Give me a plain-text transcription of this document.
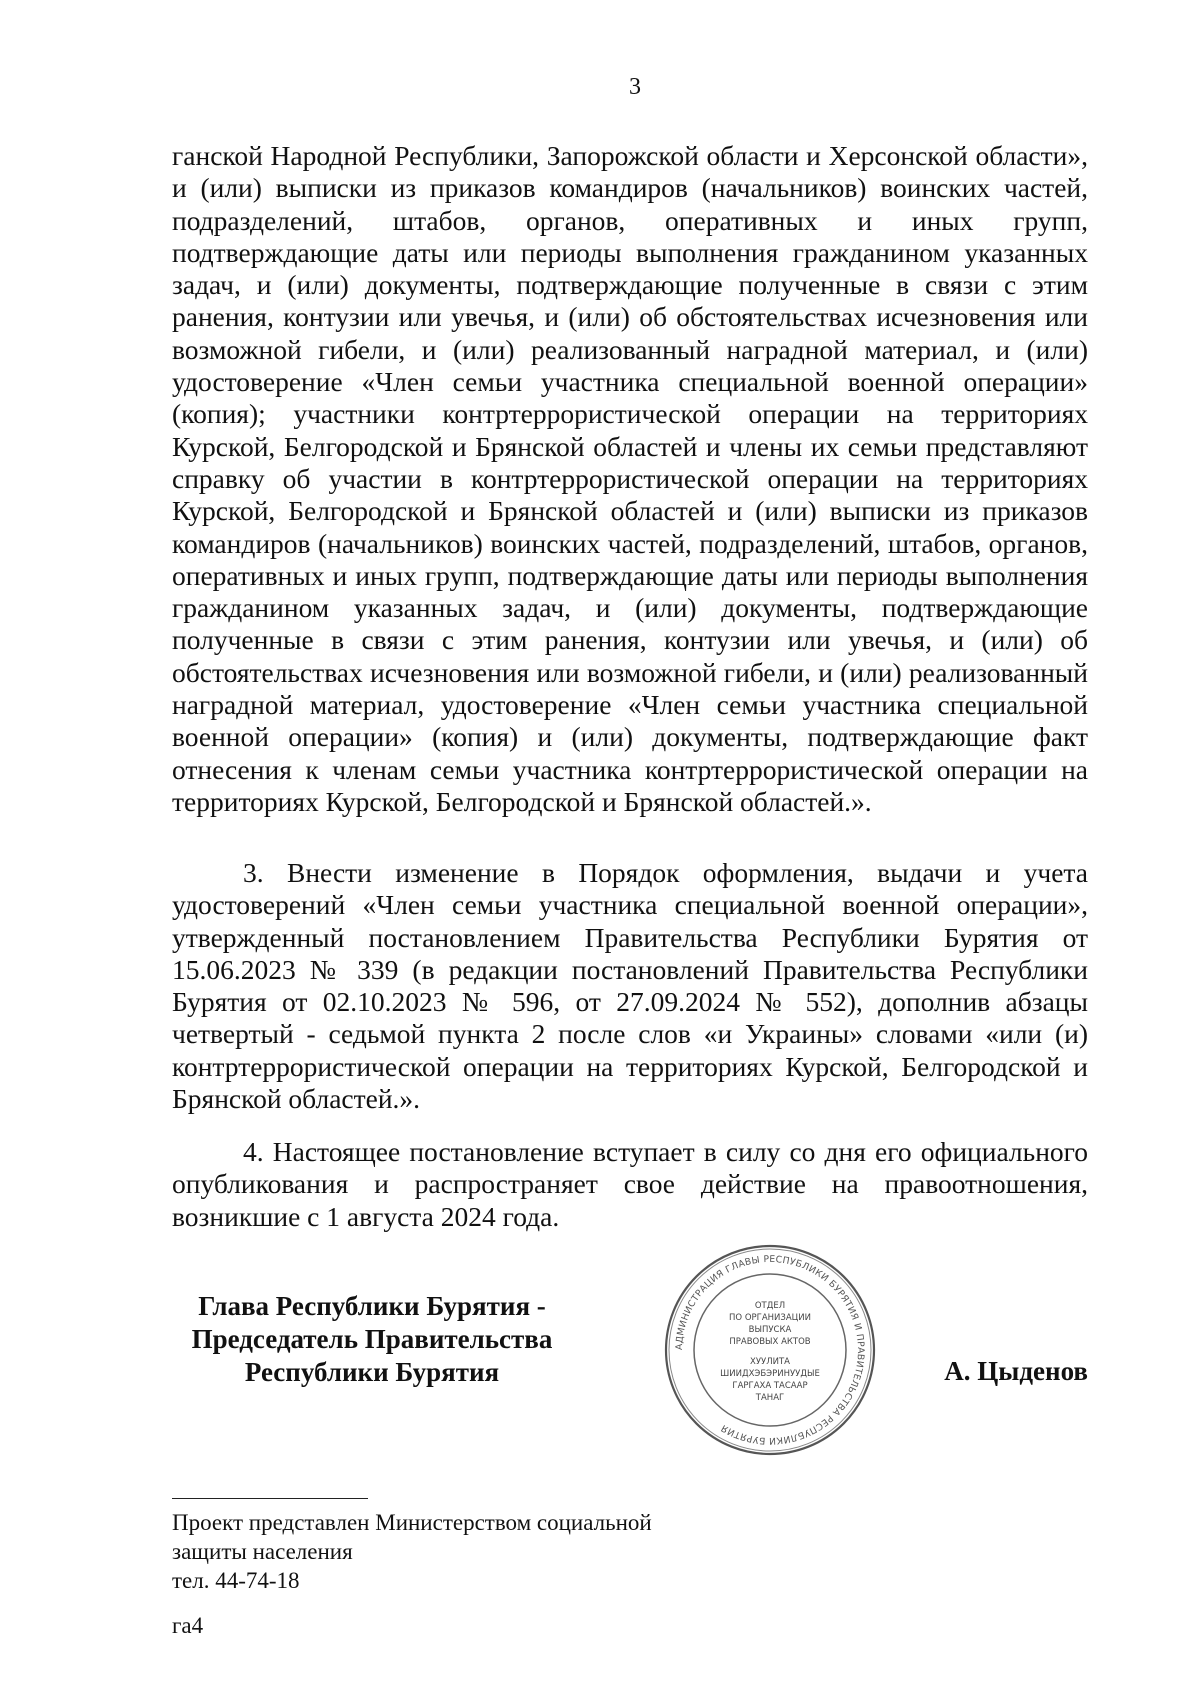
3

ганской Народной Республики, Запорожской области и Херсонской области», и (или) выписки из приказов командиров (начальников) воинских частей, подразделений, штабов, органов, оперативных и иных групп, подтверждающие даты или периоды выполнения гражданином указанных задач, и (или) документы, подтверждающие полученные в связи с этим ранения, контузии или увечья, и (или) об обстоятельствах исчезновения или возможной гибели, и (или) реализованный наградной материал, и (или) удостоверение «Член семьи участника специальной военной операции» (копия); участники контртеррористической операции на территориях Курской, Белгородской и Брянской областей и члены их семьи представляют справку об участии в контртеррористической операции на территориях Курской, Белгородской и Брянской областей и (или) выписки из приказов командиров (начальников) воинских частей, подразделений, штабов, органов, оперативных и иных групп, подтверждающие даты или периоды выполнения гражданином указанных задач, и (или) документы, подтверждающие полученные в связи с этим ранения, контузии или увечья, и (или) об обстоятельствах исчезновения или возможной гибели, и (или) реализованный наградной материал, удостоверение «Член семьи участника специальной военной операции» (копия) и (или) документы, подтверждающие факт отнесения к членам семьи участника контртеррористической операции на территориях Курской, Белгородской и Брянской областей.».

3. Внести изменение в Порядок оформления, выдачи и учета удостоверений «Член семьи участника специальной военной операции», утвержденный постановлением Правительства Республики Бурятия от 15.06.2023 № 339 (в редакции постановлений Правительства Республики Бурятия от 02.10.2023 № 596, от 27.09.2024 № 552), дополнив абзацы четвертый - седьмой пункта 2 после слов «и Украины» словами «или (и) контртеррористической операции на территориях Курской, Белгородской и Брянской областей.».

4. Настоящее постановление вступает в силу со дня его официального опубликования и распространяет свое действие на правоотношения, возникшие с 1 августа 2024 года.

Глава Республики Бурятия -
Председатель Правительства
Республики Бурятия
АДМИНИСТРАЦИЯ ГЛАВЫ РЕСПУБЛИКИ БУРЯТИЯ И ПРАВИТЕЛЬСТВА РЕСПУБЛИКИ БУРЯТИЯ
ОТДЕЛ
ПО ОРГАНИЗАЦИИ
ВЫПУСКА
ПРАВОВЫХ АКТОВ
ХУУЛИТА
ШИИДХЭБЭРИНУУДЫЕ
ГАРГАХА ТАСААР
ТАНАГ
А. Цыденов
Проект представлен Министерством социальной
защиты населения
тел. 44-74-18
га4
